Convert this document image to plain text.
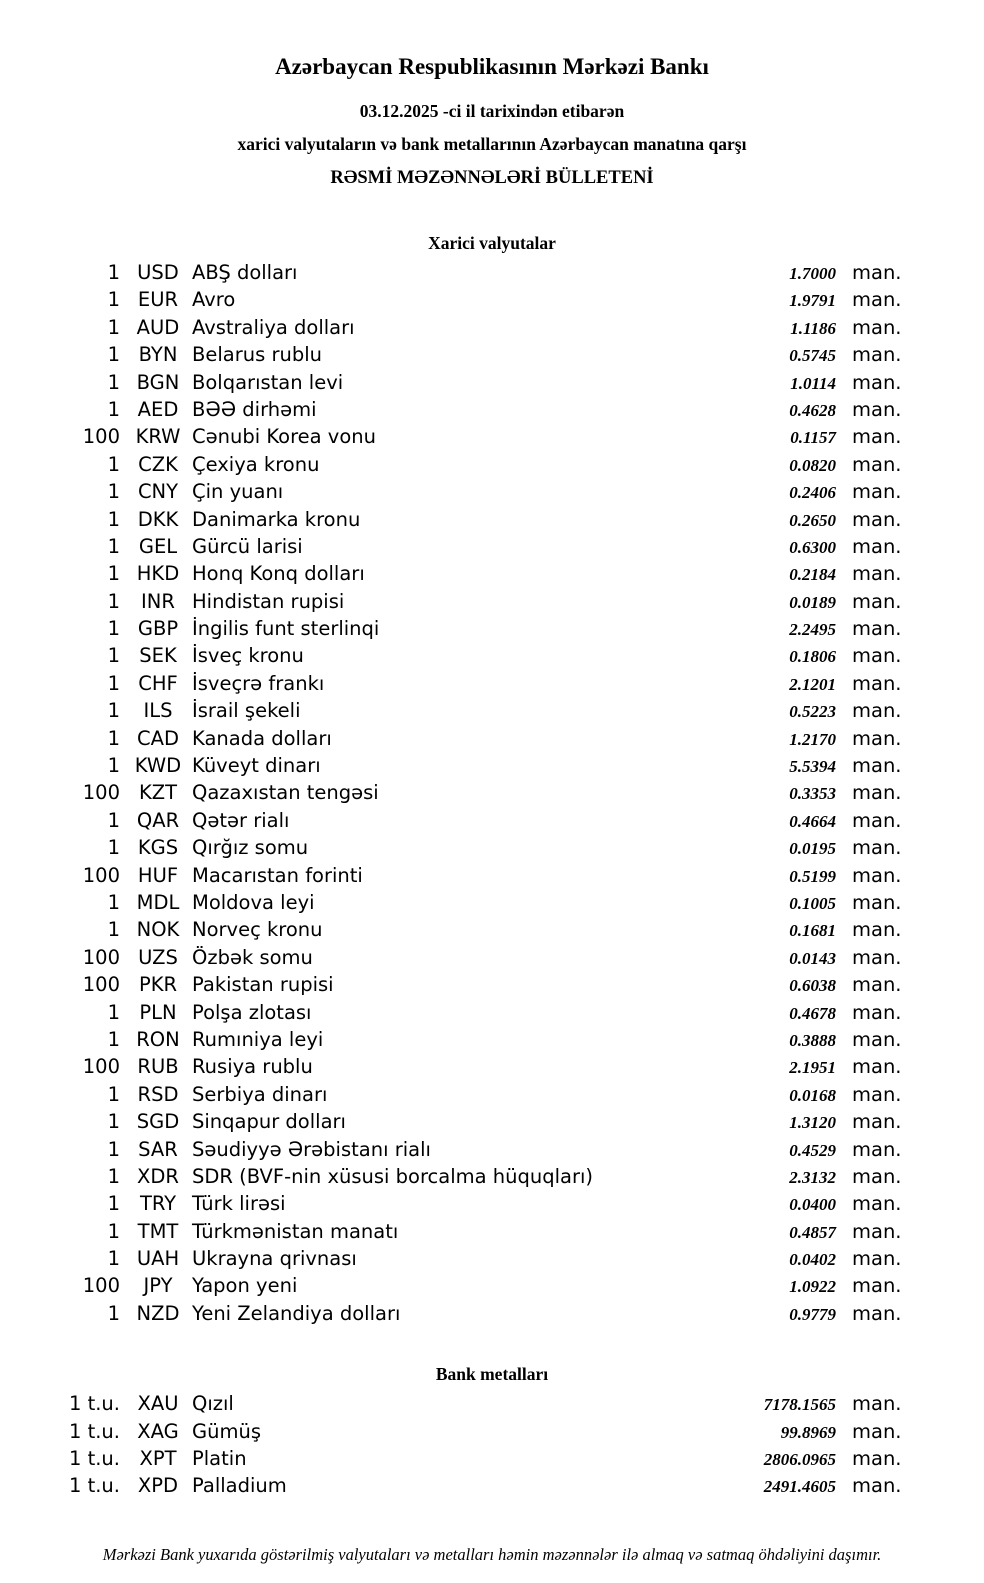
Azərbaycan Respublikasının Mərkəzi Bankı
03.12.2025 -ci il tarixindən etibarən
xarici valyutaların və bank metallarının Azərbaycan manatına qarşı
RƏSMİ MƏZƏNNƏLƏRİ BÜLLETENİ
Xarici valyutalar
1 USD ABŞ dolları	1.7000 man.
1 EUR Avro	1.9791 man.
1 AUD Avstraliya dolları	1.1186 man.
1 BYN Belarus rublu	0.5745 man.
1 BGN Bolqarıstan levi	1.0114 man.
1 AED BƏƏ dirhəmi	0.4628 man.
100 KRW Cənubi Korea vonu	0.1157 man.
1 CZK Çexiya kronu	0.0820 man.
1 CNY Çin yuanı	0.2406 man.
1 DKK Danimarka kronu	0.2650 man.
1 GEL Gürcü larisi	0.6300 man.
1 HKD Honq Konq dolları	0.2184 man.
1	INR Hindistan rupisi	0.0189 man.
1 GBP İngilis funt sterlinqi	2.2495 man.
1 SEK İsveç kronu	0.1806 man.
1 CHF İsveçrə frankı	2.1201 man.
1	ILS	İsrail şekeli	0.5223 man.
1 CAD Kanada dolları	1.2170 man.
1 KWD Küveyt dinarı	5.5394 man.
100 KZT Qazaxıstan tengəsi	0.3353 man.
1 QAR Qətər rialı	0.4664 man.
1 KGS Qırğız somu	0.0195 man.
100 HUF Macarıstan forinti	0.5199 man.
1 MDL Moldova leyi	0.1005 man.
1 NOK Norveç kronu	0.1681 man.
100 UZS Özbək somu	0.0143 man.
100 PKR Pakistan rupisi	0.6038 man.
1 PLN Polşa zlotası	0.4678 man.
1 RON Rumıniya leyi	0.3888 man.
100 RUB Rusiya rublu	2.1951 man.
1 RSD Serbiya dinarı	0.0168 man.
1 SGD Sinqapur dolları	1.3120 man.
1 SAR Səudiyyə Ərəbistanı rialı	0.4529 man.
1 XDR SDR (BVF-nin xüsusi borcalma hüquqları)	2.3132 man.
1	TRY Türk lirəsi	0.0400 man.
1 TMT Türkmənistan manatı	0.4857 man.
1 UAH Ukrayna qrivnası	0.0402 man.
100	JPY	Yapon yeni	1.0922 man.
1 NZD Yeni Zelandiya dolları	0.9779 man.
Bank metalları
1 t.u. XAU Qızıl	7178.1565 man.
1 t.u. XAG Gümüş	99.8969 man.
1 t.u. XPT Platin	2806.0965 man.
1 t.u. XPD Palladium	2491.4605 man.
Mərkəzi Bank yuxarıda göstərilmiş valyutaları və metalları həmin məzənnələr ilə almaq və satmaq öhdəliyini daşımır.
